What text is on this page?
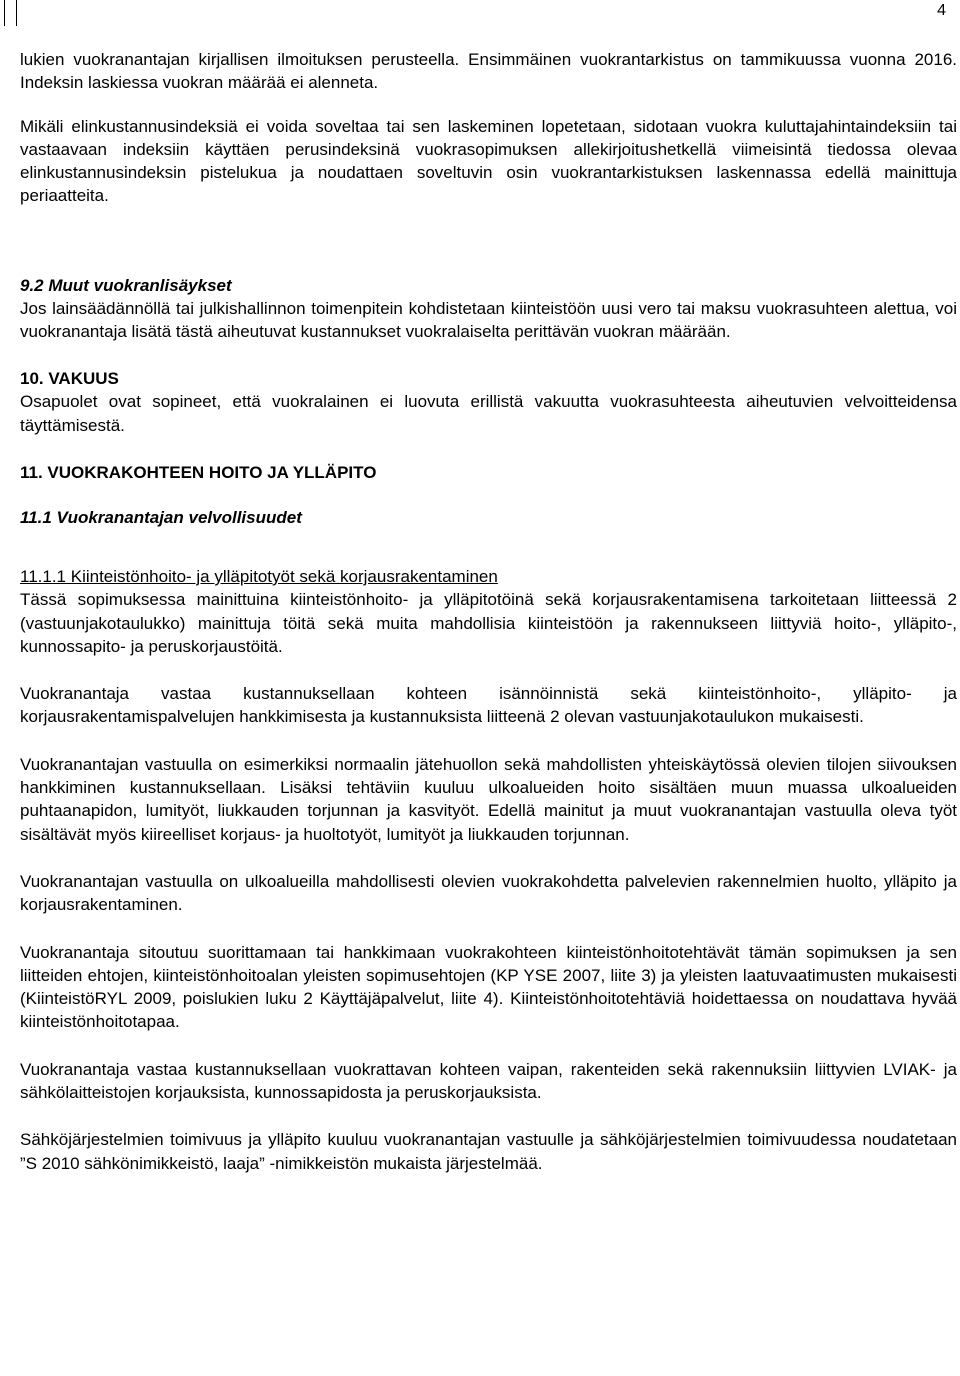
4

lukien vuokranantajan kirjallisen ilmoituksen perusteella. Ensimmäinen vuokrantarkistus on tammikuussa vuonna 2016. Indeksin laskiessa vuokran määrää ei alenneta.

Mikäli elinkustannusindeksiä ei voida soveltaa tai sen laskeminen lopetetaan, sidotaan vuokra kuluttajahintaindeksiin tai vastaavaan indeksiin käyttäen perusindeksinä vuokrasopimuksen allekirjoitushetkellä viimeisintä tiedossa olevaa elinkustannusindeksin pistelukua ja noudattaen soveltuvin osin vuokrantarkistuksen laskennassa edellä mainittuja periaatteita.

9.2 Muut vuokranlisäykset

Jos lainsäädännöllä tai julkishallinnon toimenpitein kohdistetaan kiinteistöön uusi vero tai maksu vuokrasuhteen alettua, voi vuokranantaja lisätä tästä aiheutuvat kustannukset vuokralaiselta perittävän vuokran määrään.

10. VAKUUS

Osapuolet ovat sopineet, että vuokralainen ei luovuta erillistä vakuutta vuokrasuhteesta aiheutuvien velvoitteidensa täyttämisestä.

11. VUOKRAKOHTEEN HOITO JA YLLÄPITO

11.1 Vuokranantajan velvollisuudet

11.1.1 Kiinteistönhoito- ja ylläpitotyöt sekä korjausrakentaminen

Tässä sopimuksessa mainittuina kiinteistönhoito- ja ylläpitotöinä sekä korjausrakentamisena tarkoitetaan liitteessä 2 (vastuunjakotaulukko) mainittuja töitä sekä muita mahdollisia kiinteistöön ja rakennukseen liittyviä hoito-, ylläpito-, kunnossapito- ja peruskorjaustöitä.

Vuokranantaja vastaa kustannuksellaan kohteen isännöinnistä sekä kiinteistönhoito-, ylläpito- ja korjausrakentamispalvelujen hankkimisesta ja kustannuksista liitteenä 2 olevan vastuunjakotaulukon mukaisesti.

Vuokranantajan vastuulla on esimerkiksi normaalin jätehuollon sekä mahdollisten yhteiskäytössä olevien tilojen siivouksen hankkiminen kustannuksellaan. Lisäksi tehtäviin kuuluu ulkoalueiden hoito sisältäen muun muassa ulkoalueiden puhtaanapidon, lumityöt, liukkauden torjunnan ja kasvityöt. Edellä mainitut ja muut vuokranantajan vastuulla oleva työt sisältävät myös kiireelliset korjaus- ja huoltotyöt, lumityöt ja liukkauden torjunnan.

Vuokranantajan vastuulla on ulkoalueilla mahdollisesti olevien vuokrakohdetta palvelevien rakennelmien huolto, ylläpito ja korjausrakentaminen.

Vuokranantaja sitoutuu suorittamaan tai hankkimaan vuokrakohteen kiinteistönhoitotehtävät tämän sopimuksen ja sen liitteiden ehtojen, kiinteistönhoitoalan yleisten sopimusehtojen (KP YSE 2007, liite 3) ja yleisten laatuvaatimusten mukaisesti (KiinteistöRYL 2009, poislukien luku 2 Käyttäjäpalvelut, liite 4). Kiinteistönhoitotehtäviä hoidettaessa on noudattava hyvää kiinteistönhoitotapaa.

Vuokranantaja vastaa kustannuksellaan vuokrattavan kohteen vaipan, rakenteiden sekä rakennuksiin liittyvien LVIAK- ja sähkölaitteistojen korjauksista, kunnossapidosta ja peruskorjauksista.

Sähköjärjestelmien toimivuus ja ylläpito kuuluu vuokranantajan vastuulle ja sähköjärjestelmien toimivuudessa noudatetaan ”S 2010 sähkönimikkeistö, laaja” -nimikkeistön mukaista järjestelmää.
